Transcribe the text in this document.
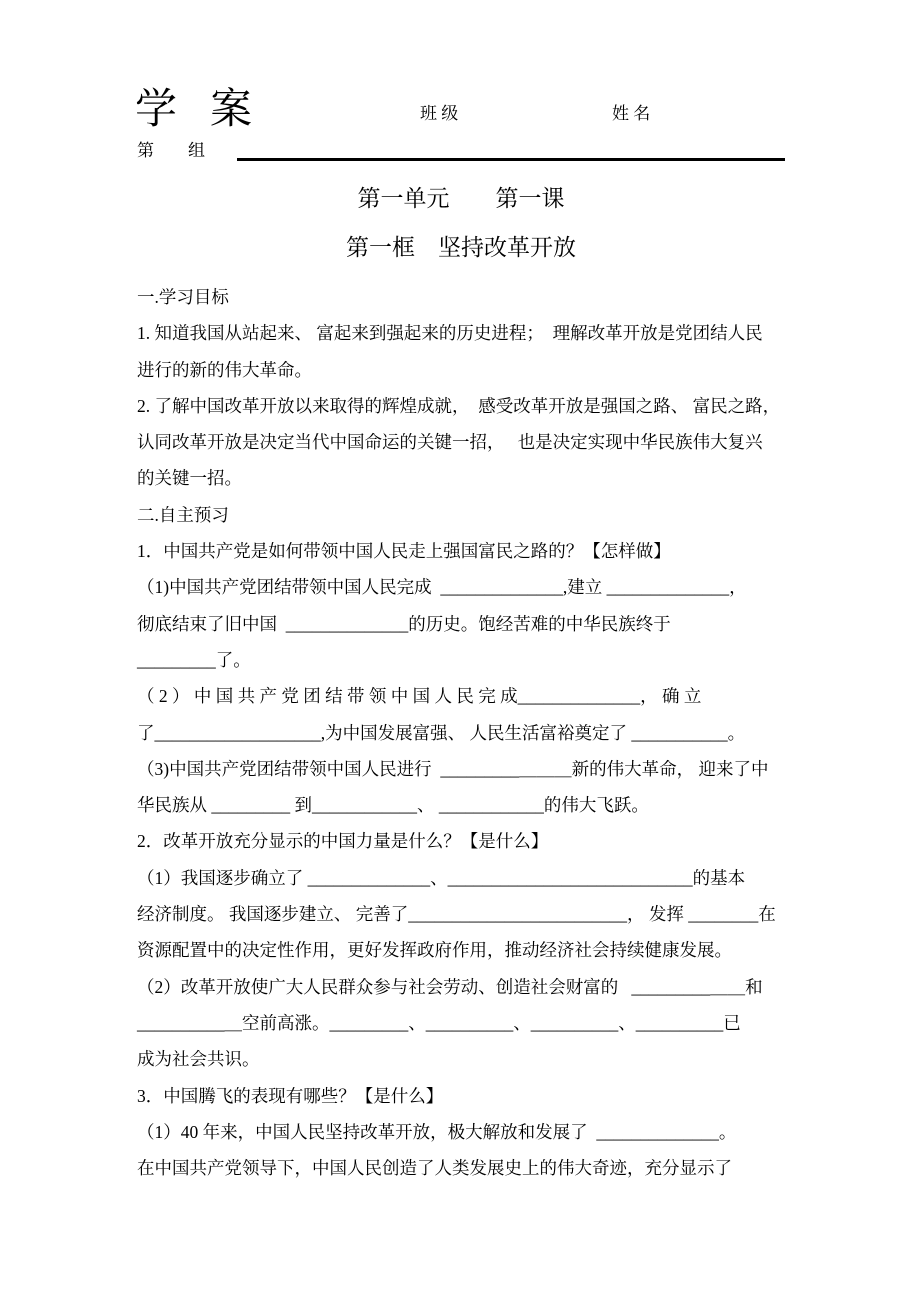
学  案	班 级	姓 名
第　　组
第一单元　　第一课
第一框　坚持改革开放
一.学习目标
1. 知道我国从站起来、 富起来到强起来的历史进程；　理解改革开放是党团结人民
进行的新的伟大革命。
2. 了解中国改革开放以来取得的辉煌成就，　感受改革开放是强国之路、 富民之路，
认同改革开放是决定当代中国命运的关键一招，　 也是决定实现中华民族伟大复兴
的关键一招。
二.自主预习
1．中国共产党是如何带领中国人民走上强国富民之路的？【怎样做】
（1)中国共产党团结带领中国人民完成  ______________,建立 ______________，
彻底结束了旧中国  ______________的历史。饱经苦难的中华民族终于
_________了。
（ 2 ） 中 国 共 产 党 团 结 带 领 中 国 人 民 完 成______________， 确 立
了___________________,为中国发展富强、 人民生活富裕奠定了 ___________。
（3)中国共产党团结带领中国人民进行  _________＿＿＿新的伟大革命， 迎来了中
华民族从 _________ 到____________、 ____________的伟大飞跃。
2．改革开放充分显示的中国力量是什么？【是什么】
（1）我国逐步确立了 ______________、____________________________的基本
经济制度。 我国逐步建立、 完善了_________________________， 发挥 ________在
资源配置中的决定性作用，更好发挥政府作用，推动经济社会持续健康发展。
（2）改革开放使广大人民群众参与社会劳动、创造社会财富的   _________＿＿和
__________＿空前高涨。_________、__________、__________、__________已
成为社会共识。
3．中国腾飞的表现有哪些？【是什么】
（1）40 年来，中国人民坚持改革开放，极大解放和发展了  ______________。
在中国共产党领导下，中国人民创造了人类发展史上的伟大奇迹，充分显示了
